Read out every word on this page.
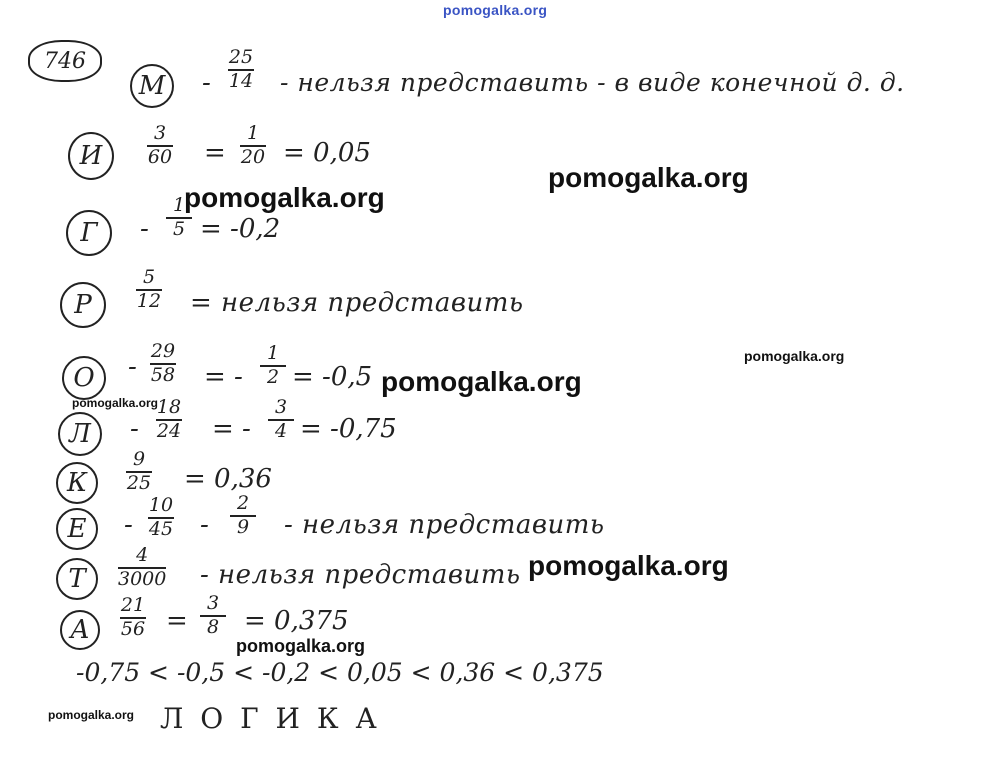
pomogalka.org
746
М -
25
14 - нельзя представить - в виде конечной д. д.
И
3
60 =
1
20 = 0,05
Г -
1
5 = -0,2
Р
5
12 = нельзя представить
О -
29
58 = -
1
2 = -0,5
Л -
18
24 = -
3
4 = -0,75
К
9
25 = 0,36
Е -
10
45 -
2
9 - нельзя представить
Т
4
3000 - нельзя представить
А
21
56 =
3
8 = 0,375
-0,75 < -0,5 < -0,2 < 0,05 < 0,36 < 0,375
Л О Г И К А
pomogalka.org
pomogalka.org
pomogalka.org
pomogalka.org
pomogalka.org
pomogalka.org
pomogalka.org
pomogalka.org
